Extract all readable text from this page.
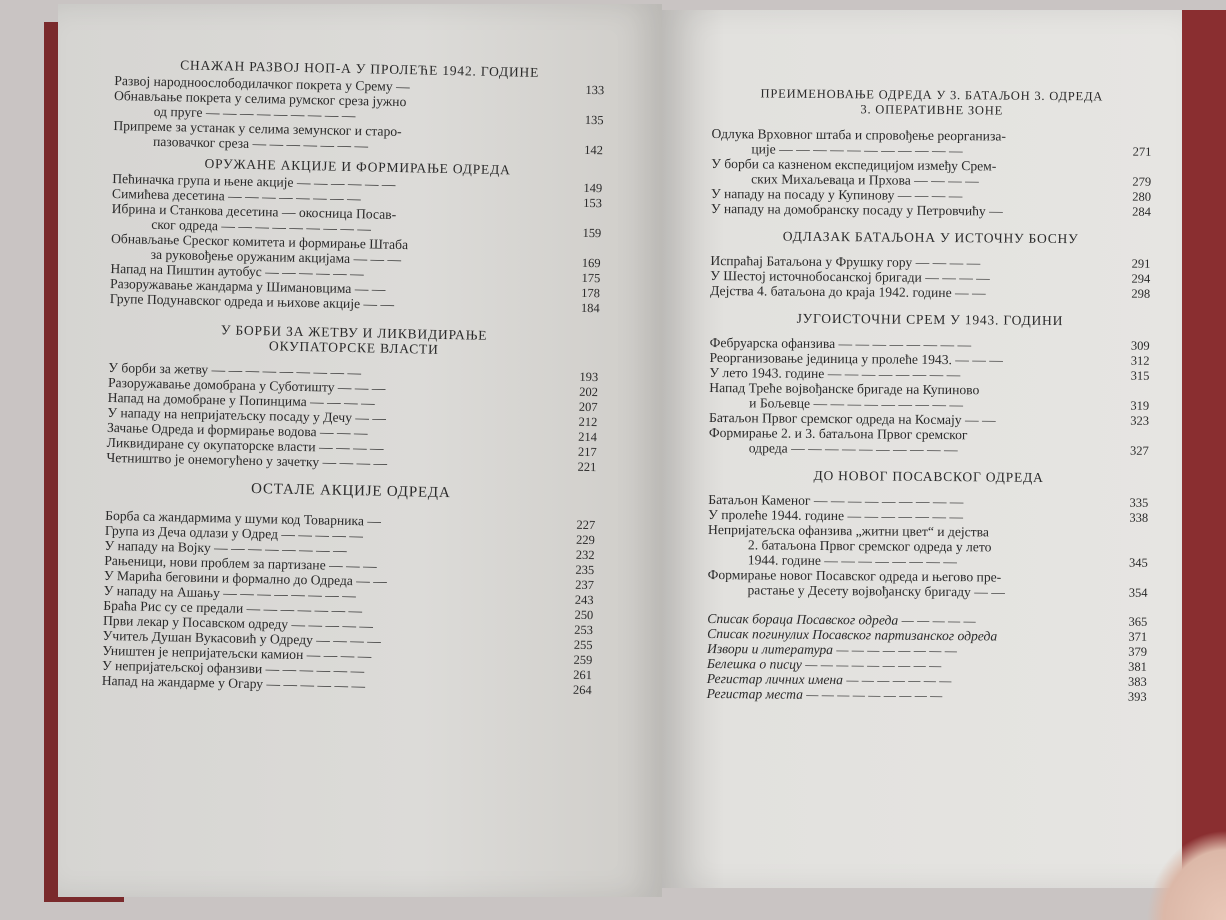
СНАЖАН РАЗВОЈ НОП-А У ПРОЛЕЋЕ 1942. ГОДИНЕ
Развој народноослободилачког покрета у Срему —	133
Обнављање покрета у селима румског среза јужно
од пруге — — — — — — — — —	135
Припреме за устанак у селима земунског и старо-
пазовачког среза — — — — — — —	142
ОРУЖАНЕ АКЦИЈЕ И ФОРМИРАЊЕ ОДРЕДА
Пећиначка група и њене акције — — — — — —	149
Симићева десетина — — — — — — — —	153
Ибрина и Станкова десетина — окосница Посав-
ског одреда — — — — — — — — —	159
Обнављање Среског комитета и формирање Штаба
за руковођење оружаним акцијама — — —	169
Напад на Пиштин аутобус — — — — — —	175
Разоружавање жандарма у Шимановцима — —	178
Групе Подунавског одреда и њихове акције — —	184
У БОРБИ ЗА ЖЕТВУ И ЛИКВИДИРАЊЕ
ОКУПАТОРСКЕ ВЛАСТИ
У борби за жетву — — — — — — — — —	193
Разоружавање домобрана у Суботишту — — —	202
Напад на домобране у Попинцима — — — —	207
У нападу на непријатељску посаду у Дечу — —	212
Зачање Одреда и формирање водова — — —	214
Ликвидиране су окупаторске власти — — — —	217
Четништво је онемогућено у зачетку — — — —	221
ОСТАЛЕ АКЦИЈЕ ОДРЕДА
Борба са жандармима у шуми код Товарника —	227
Група из Деча одлази у Одред — — — — —	229
У нападу на Војку — — — — — — — —	232
Рањеници, нови проблем за партизане — — —	235
У Марића беговини и формално до Одреда — —	237
У нападу на Ашању — — — — — — — —	243
Браћа Рис су се предали — — — — — — —	250
Први лекар у Посавском одреду — — — — —	253
Учитељ Душан Вукасовић у Одреду — — — —	255
Уништен је непријатељски камион — — — —	259
У непријатељској офанзиви — — — — — —	261
Напад на жандарме у Огару — — — — — —	264
ПРЕИМЕНОВАЊЕ ОДРЕДА У 3. БАТАЉОН 3. ОДРЕДА
3. ОПЕРАТИВНЕ ЗОНЕ
Одлука Врховног штаба и спровођење реорганиза-
ције — — — — — — — — — — —	271
У борби са казненом експедицијом између Срем-
ских Михаљеваца и Прхова — — — —	279
У нападу на посаду у Купинову — — — —	280
У нападу на домобранску посаду у Петровчићу —	284
ОДЛАЗАК БАТАЉОНА У ИСТОЧНУ БОСНУ
Испраћај Батаљона у Фрушку гору — — — —	291
У Шестој источнобосанској бригади — — — —	294
Дејства 4. батаљона до краја 1942. године — —	298
ЈУГОИСТОЧНИ СРЕМ У 1943. ГОДИНИ
Фебруарска офанзива — — — — — — — —	309
Реорганизовање јединица у пролеће 1943. — — —	312
У лето 1943. године — — — — — — — —	315
Напад Треће војвођанске бригаде на Купиново
и Бољевце — — — — — — — — —	319
Батаљон Првог сремског одреда на Космају — —	323
Формирање 2. и 3. батаљона Првог сремског
одреда — — — — — — — — — —	327
ДО НОВОГ ПОСАВСКОГ ОДРЕДА
Батаљон Каменог — — — — — — — — —	335
У пролеће 1944. године — — — — — — —	338
Непријатељска офанзива „житни цвет“ и дејства
2. батаљона Првог сремског одреда у лето
1944. године — — — — — — — —	345
Формирање новог Посавског одреда и његово пре-
растање у Десету војвођанску бригаду — —	354
Списак бораца Посавског одреда — — — — —	365
Списак погинулих Посавског партизанског одреда	371
Извори и литература — — — — — — — —	379
Белешка о писцу — — — — — — — — —	381
Регистар личних имена — — — — — — —	383
Регистар места — — — — — — — — —	393
